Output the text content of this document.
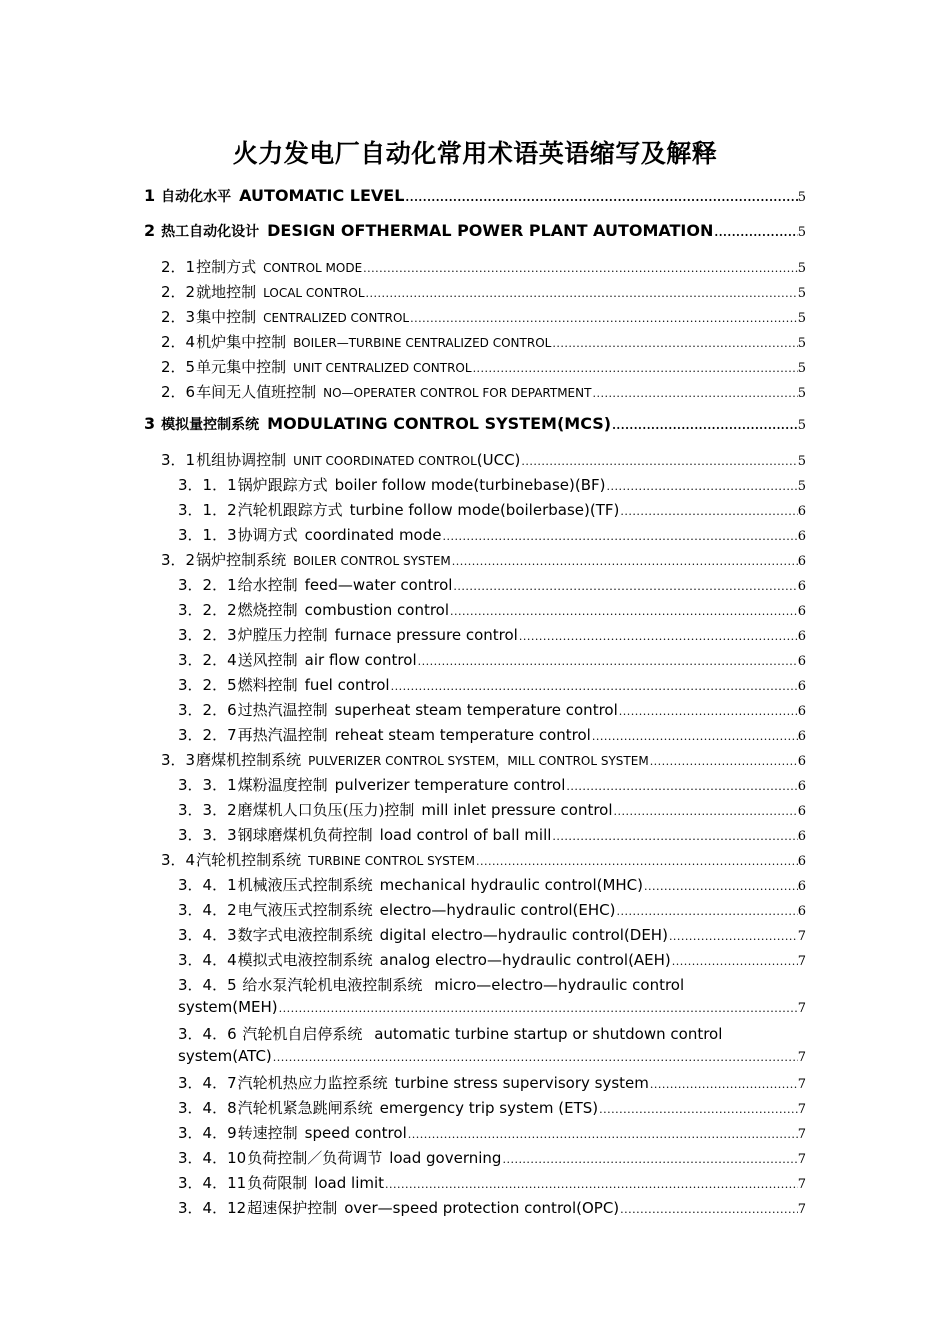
火力发电厂自动化常用术语英语缩写及解释
1 自动化水平 AUTOMATIC LEVEL .....	5
2 热工自动化设计 DESIGN OFTHERMAL POWER PLANT AUTOMATION .....	5
2．1 控制方式 CONTROL MODE .....	5
2．2 就地控制 LOCAL CONTROL .....	5
2．3 集中控制 CENTRALIZED CONTROL .....	5
2．4 机炉集中控制 BOILER—TURBINE CENTRALIZED CONTROL .....	5
2．5 单元集中控制 UNIT CENTRALIZED CONTROL .....	5
2．6 车间无人值班控制 NO—OPERATER CONTROL FOR DEPARTMENT .....	5
3 模拟量控制系统 MODULATING CONTROL SYSTEM(MCS) .....	5
3．1 机组协调控制 UNIT COORDINATED CONTROL (UCC) .....	5
3．1．1 锅炉跟踪方式 boiler follow mode(turbinebase)(BF) .....	5
3．1．2 汽轮机跟踪方式 turbine follow mode(boilerbase)(TF) .....	6
3．1．3 协调方式 coordinated mode .....	6
3．2 锅炉控制系统 BOILER CONTROL SYSTEM .....	6
3．2．1 给水控制 feed—water control .....	6
3．2．2 燃烧控制 combustion control .....	6
3．2．3 炉膛压力控制 furnace pressure control .....	6
3．2．4 送风控制 air flow control .....	6
3．2．5 燃料控制 fuel control .....	6
3．2．6 过热汽温控制 superheat steam temperature control .....	6
3．2．7 再热汽温控制 reheat steam temperature control .....	6
3．3 磨煤机控制系统 PULVERIZER CONTROL SYSTEM，MILL CONTROL SYSTEM .....	6
3．3．1 煤粉温度控制 pulverizer temperature control .....	6
3．3．2 磨煤机人口负压(压力)控制 mill inlet pressure control .....	6
3．3．3 钢球磨煤机负荷控制 load control of ball mill .....	6
3．4 汽轮机控制系统 TURBINE CONTROL SYSTEM .....	6
3．4．1 机械液压式控制系统 mechanical hydraulic control(MHC) .....	6
3．4．2 电气液压式控制系统 electro—hydraulic control(EHC) .....	6
3．4．3 数字式电液控制系统 digital electro—hydraulic control(DEH) .....	7
3．4．4 模拟式电液控制系统 analog electro—hydraulic control(AEH) .....	7
3．4．5 给水泵汽轮机电液控制系统 micro—electro—hydraulic control
system(MEH) .....	7
3．4．6 汽轮机自启停系统 automatic turbine startup or shutdown control
system(ATC) .....	7
3．4．7 汽轮机热应力监控系统 turbine stress supervisory system .....	7
3．4．8 汽轮机紧急跳闸系统 emergency trip system (ETS) .....	7
3．4．9 转速控制 speed control .....	7
3．4．10 负荷控制／负荷调节 load governing .....	7
3．4．11 负荷限制 load limit .....	7
3．4．12 超速保护控制 over—speed protection control(OPC) .....	7
